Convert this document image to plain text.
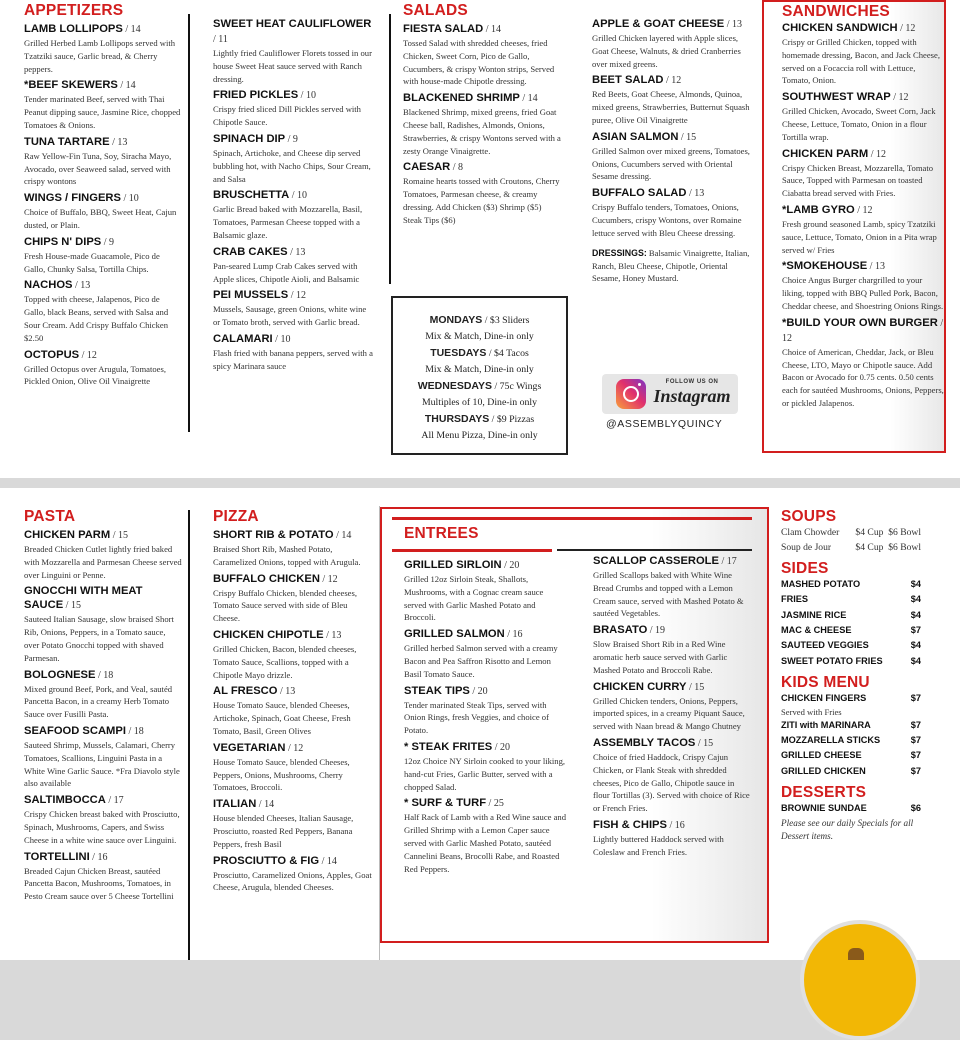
APPETIZERS
LAMB LOLLIPOPS / 14
Grilled Herbed Lamb Lollipops served with Tzatziki sauce, Garlic bread, & Cherry peppers.
*BEEF SKEWERS / 14
Tender marinated Beef, served with Thai Peanut dipping sauce, Jasmine Rice, chopped Tomatoes & Onions.
TUNA TARTARE / 13
Raw Yellow-Fin Tuna, Soy, Siracha Mayo, Avocado, over Seaweed salad, served with crispy wontons
WINGS / FINGERS / 10
Choice of Buffalo, BBQ, Sweet Heat, Cajun dusted, or Plain.
CHIPS N' DIPS / 9
Fresh House-made Guacamole, Pico de Gallo, Chunky Salsa, Tortilla Chips.
NACHOS / 13
Topped with cheese, Jalapenos, Pico de Gallo, black Beans, served with Salsa and Sour Cream. Add Crispy Buffalo Chicken $2.50
OCTOPUS / 12
Grilled Octopus over Arugula, Tomatoes, Pickled Onion, Olive Oil Vinaigrette
SWEET HEAT CAULIFLOWER / 11
Lightly fried Cauliflower Florets tossed in our house Sweet Heat sauce served with Ranch dressing.
FRIED PICKLES / 10
Crispy fried sliced Dill Pickles served with Chipotle Sauce.
SPINACH DIP / 9
Spinach, Artichoke, and Cheese dip served bubbling hot, with Nacho Chips, Sour Cream, and Salsa
BRUSCHETTA / 10
Garlic Bread baked with Mozzarella, Basil, Tomatoes, Parmesan Cheese topped with a Balsamic glaze.
CRAB CAKES / 13
Pan-seared Lump Crab Cakes served with Apple slices, Chipotle Aioli, and Balsamic
PEI MUSSELS / 12
Mussels, Sausage, green Onions, white wine or Tomato broth, served with Garlic bread.
CALAMARI / 10
Flash fried with banana peppers, served with a spicy Marinara sauce
SALADS
FIESTA SALAD / 14
Tossed Salad with shredded cheeses, fried Chicken, Sweet Corn, Pico de Gallo, Cucumbers, & crispy Wonton strips, Served with house-made Chipotle dressing.
BLACKENED SHRIMP / 14
Blackened Shrimp, mixed greens, fried Goat Cheese ball, Radishes, Almonds, Onions, Strawberries, & crispy Wontons served with a zesty Orange Vinaigrette.
CAESAR / 8
Romaine hearts tossed with Croutons, Cherry Tomatoes, Parmesan cheese, & creamy dressing. Add Chicken ($3) Shrimp ($5) Steak Tips ($6)
APPLE & GOAT CHEESE / 13
Grilled Chicken layered with Apple slices, Goat Cheese, Walnuts, & dried Cranberries over mixed greens.
BEET SALAD / 12
Red Beets, Goat Cheese, Almonds, Quinoa, mixed greens, Strawberries, Butternut Squash puree, Olive Oil Vinaigrette
ASIAN SALMON / 15
Grilled Salmon over mixed greens, Tomatoes, Onions, Cucumbers served with Oriental Sesame dressing.
BUFFALO SALAD / 13
Crispy Buffalo tenders, Tomatoes, Onions, Cucumbers, crispy Wontons, over Romaine lettuce served with Bleu Cheese dressing.
DRESSINGS: Balsamic Vinaigrette, Italian, Ranch, Bleu Cheese, Chipotle, Oriental Sesame, Honey Mustard.
MONDAYS / $3 Sliders
Mix & Match, Dine-in only
TUESDAYS / $4 Tacos
Mix & Match, Dine-in only
WEDNESDAYS / 75c Wings
Multiples of 10, Dine-in only
THURSDAYS / $9 Pizzas
All Menu Pizza, Dine-in only
FOLLOW US ON
Instagram
@ASSEMBLYQUINCY
SANDWICHES
CHICKEN SANDWICH / 12
Crispy or Grilled Chicken, topped with homemade dressing, Bacon, and Jack Cheese, served on a Focaccia roll with Lettuce, Tomato, Onion.
SOUTHWEST WRAP / 12
Grilled Chicken, Avocado, Sweet Corn, Jack Cheese, Lettuce, Tomato, Onion in a flour Tortilla wrap.
CHICKEN PARM / 12
Crispy Chicken Breast, Mozzarella, Tomato Sauce, Topped with Parmesan on toasted Ciabatta bread served with Fries.
*LAMB GYRO / 12
Fresh ground seasoned Lamb, spicy Tzatziki sauce, Lettuce, Tomato, Onion in a Pita wrap served w/ Fries
*SMOKEHOUSE / 13
Choice Angus Burger chargrilled to your liking, topped with BBQ Pulled Pork, Bacon, Cheddar cheese, and Shoestring Onions Rings.
*BUILD YOUR OWN BURGER / 12
Choice of American, Cheddar, Jack, or Bleu Cheese, LTO, Mayo or Chipotle sauce. Add Bacon or Avocado for 0.75 cents. 0.50 cents each for sautéed Mushrooms, Onions, Peppers, or pickled Jalapenos.
PASTA
CHICKEN PARM / 15
Breaded Chicken Cutlet lightly fried baked with Mozzarella and Parmesan Cheese served over Linguini or Penne.
GNOCCHI WITH MEAT SAUCE / 15
Sauteed Italian Sausage, slow braised Short Rib, Onions, Peppers, in a Tomato sauce, over Potato Gnocchi topped with shaved Parmesan.
BOLOGNESE / 18
Mixed ground Beef, Pork, and Veal, sautéd Pancetta Bacon, in a creamy Herb Tomato Sauce over Fusilli Pasta.
SEAFOOD SCAMPI / 18
Sauteed Shrimp, Mussels, Calamari, Cherry Tomatoes, Scallions, Linguini Pasta in a White Wine Garlic Sauce. *Fra Diavolo style also available
SALTIMBOCCA / 17
Crispy Chicken breast baked with Prosciutto, Spinach, Mushrooms, Capers, and Swiss Cheese in a white wine sauce over Linguini.
TORTELLINI / 16
Breaded Cajun Chicken Breast, sautéed Pancetta Bacon, Mushrooms, Tomatoes, in Pesto Cream sauce over 5 Cheese Tortellini
PIZZA
SHORT RIB & POTATO / 14
Braised Short Rib, Mashed Potato, Caramelized Onions, topped with Arugula.
BUFFALO CHICKEN / 12
Crispy Buffalo Chicken, blended cheeses, Tomato Sauce served with side of Bleu Cheese.
CHICKEN CHIPOTLE / 13
Grilled Chicken, Bacon, blended cheeses, Tomato Sauce, Scallions, topped with a Chipotle Mayo drizzle.
AL FRESCO / 13
House Tomato Sauce, blended Cheeses, Artichoke, Spinach, Goat Cheese, Fresh Tomato, Basil, Green Olives
VEGETARIAN / 12
House Tomato Sauce, blended Cheeses, Peppers, Onions, Mushrooms, Cherry Tomatoes, Broccoli.
ITALIAN / 14
House blended Cheeses, Italian Sausage, Prosciutto, roasted Red Peppers, Banana Peppers, fresh Basil
PROSCIUTTO & FIG / 14
Prosciutto, Caramelized Onions, Apples, Goat Cheese, Arugula, blended Cheeses.
ENTREES
GRILLED SIRLOIN / 20
Grilled 12oz Sirloin Steak, Shallots, Mushrooms, with a Cognac cream sauce served with Garlic Mashed Potato and Broccoli.
GRILLED SALMON / 16
Grilled herbed Salmon served with a creamy Bacon and Pea Saffron Risotto and Lemon Basil Tomato Sauce.
STEAK TIPS / 20
Tender marinated Steak Tips, served with Onion Rings, fresh Veggies, and choice of Potato.
* STEAK FRITES / 20
12oz Choice NY Sirloin cooked to your liking, hand-cut Fries, Garlic Butter, served with a chopped Salad.
* SURF & TURF / 25
Half Rack of Lamb with a Red Wine sauce and Grilled Shrimp with a Lemon Caper sauce served with Garlic Mashed Potato, sautéed Cannelini Beans, Brocolli Rabe, and Roasted Red Peppers.
SCALLOP CASSEROLE / 17
Grilled Scallops baked with White Wine Bread Crumbs and topped with a Lemon Cream sauce, served with Mashed Potato & sautéed Vegetables.
BRASATO / 19
Slow Braised Short Rib in a Red Wine aromatic herb sauce served with Garlic Mashed Potato and Broccoli Rabe.
CHICKEN CURRY / 15
Grilled Chicken tenders, Onions, Peppers, imported spices, in a creamy Piquant Sauce, served with Naan bread & Mango Chutney
ASSEMBLY TACOS / 15
Choice of fried Haddock, Crispy Cajun Chicken, or Flank Steak with shredded cheeses, Pico de Gallo, Chipotle sauce in flour Tortillas (3). Served with choice of Rice or French Fries.
FISH & CHIPS / 16
Lightly buttered Haddock served with Coleslaw and French Fries.
SOUPS
Clam Chowder $4 Cup  $6 Bowl
Soup de Jour	$4 Cup  $6 Bowl
SIDES
MASHED POTATO	$4
FRIES	$4
JASMINE RICE	$4
MAC & CHEESE	$7
SAUTEED VEGGIES	$4
SWEET POTATO FRIES	$4
KIDS MENU
CHICKEN FINGERS	$7
Served with Fries
ZITI with MARINARA	$7
MOZZARELLA STICKS	$7
GRILLED CHEESE	$7
GRILLED CHICKEN	$7
DESSERTS
BROWNIE SUNDAE	$6
Please see our daily Specials for all Dessert items.
